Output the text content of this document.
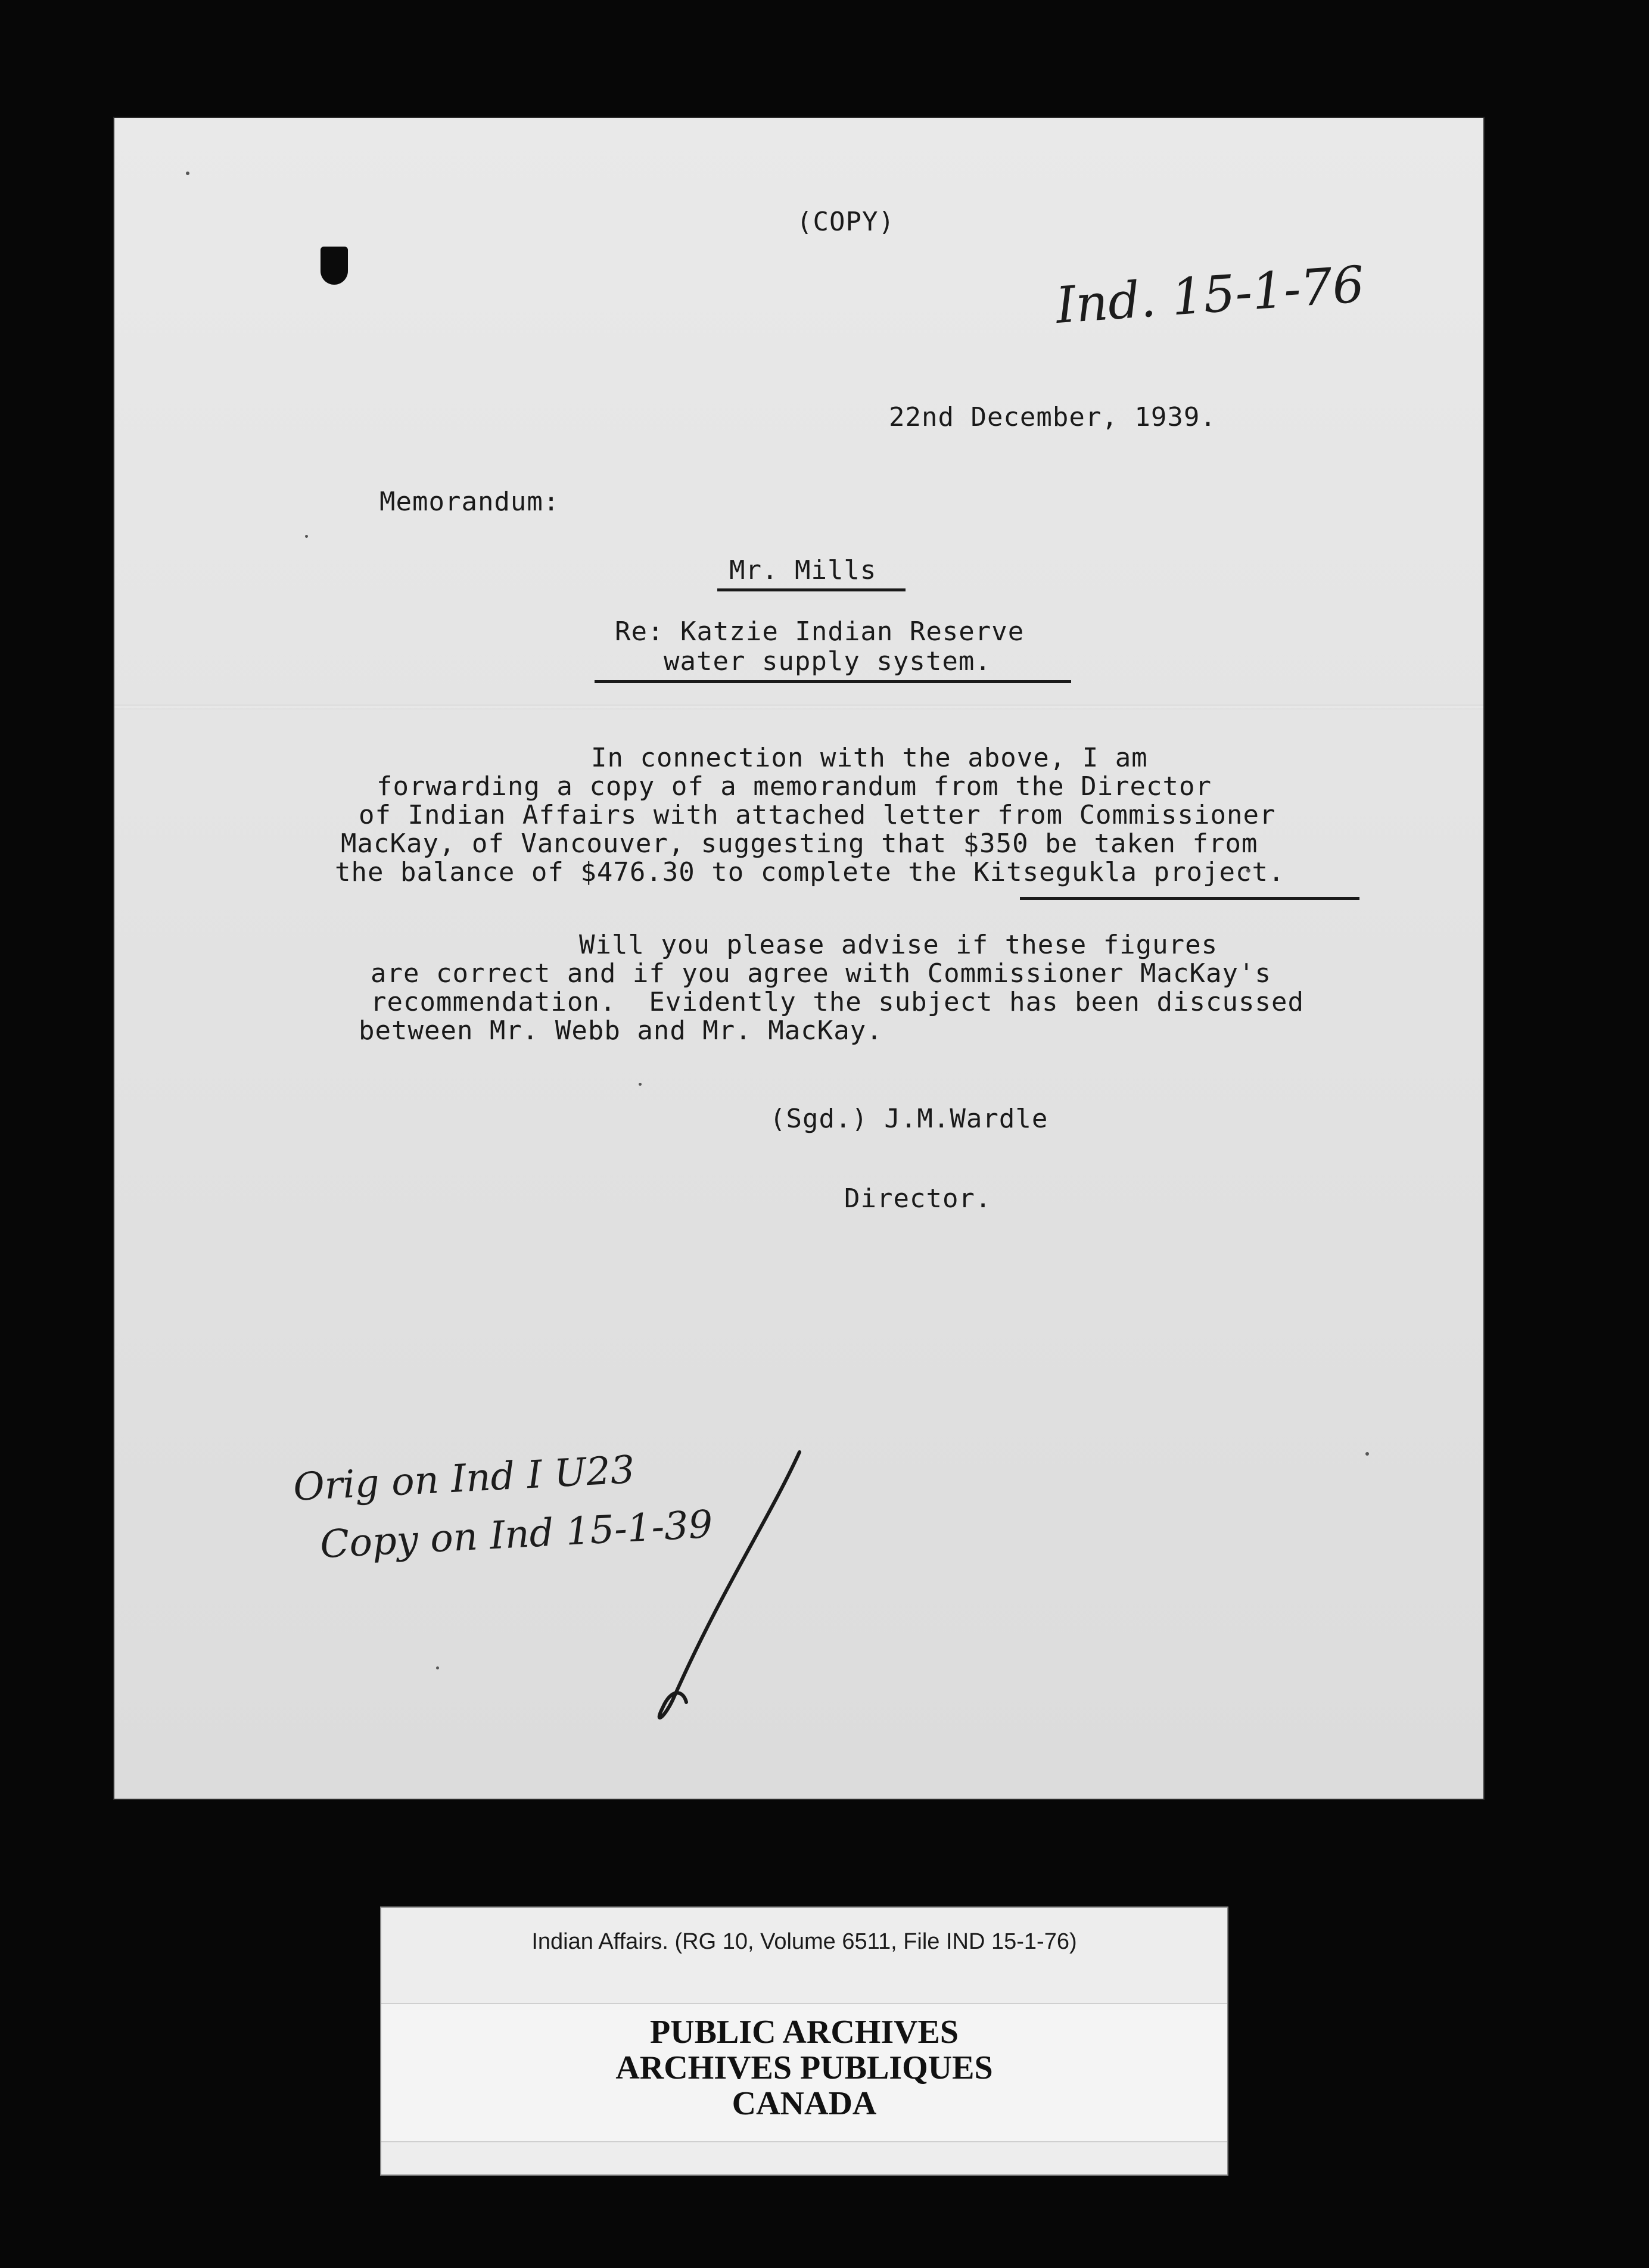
(COPY)
Ind. 15-1-76
22nd December, 1939.
Memorandum:
Mr. Mills
Re: Katzie Indian Reserve
water supply system.
In connection with the above, I am
forwarding a copy of a memorandum from the Director
of Indian Affairs with attached letter from Commissioner
MacKay, of Vancouver, suggesting that $350 be taken from
the balance of $476.30 to complete the Kitsegukla project.
Will you please advise if these figures
are correct and if you agree with Commissioner MacKay's
recommendation.  Evidently the subject has been discussed
between Mr. Webb and Mr. MacKay.
(Sgd.) J.M.Wardle
Director.
Orig on Ind I U23
Copy on Ind 15-1-39
Indian Affairs. (RG 10, Volume 6511, File IND 15-1-76)
PUBLIC ARCHIVES
ARCHIVES PUBLIQUES
CANADA
